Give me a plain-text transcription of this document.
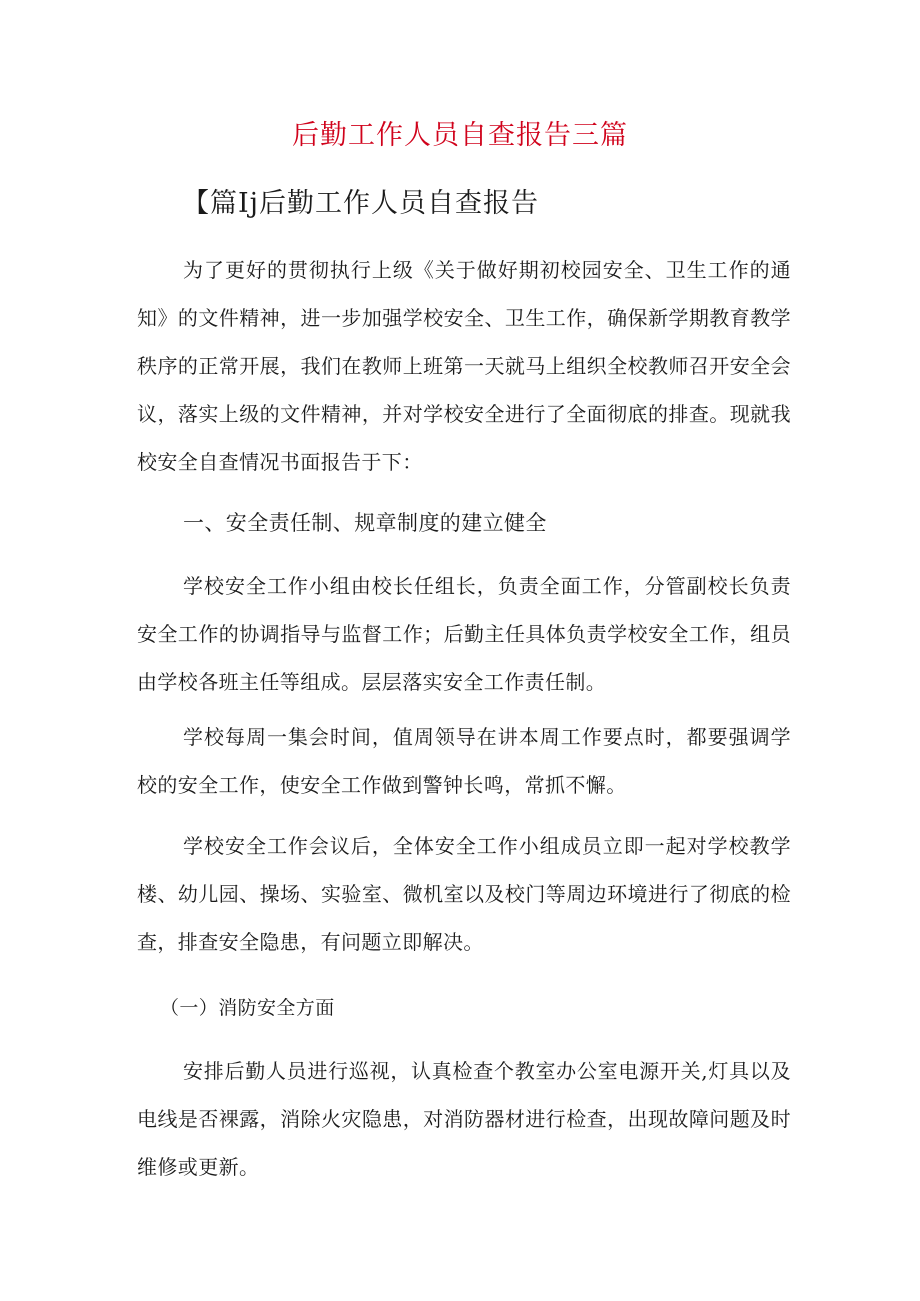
后勤工作人员自查报告三篇
【篇Ij后勤工作人员自查报告

为了更好的贯彻执行上级《关于做好期初校园安全、卫生工作的通知》的文件精神，进一步加强学校安全、卫生工作，确保新学期教育教学秩序的正常开展，我们在教师上班第一天就马上组织全校教师召开安全会议，落实上级的文件精神，并对学校安全进行了全面彻底的排查。现就我校安全自查情况书面报告于下：

一、安全责任制、规章制度的建立健全

学校安全工作小组由校长任组长，负责全面工作，分管副校长负责安全工作的协调指导与监督工作；后勤主任具体负责学校安全工作，组员由学校各班主任等组成。层层落实安全工作责任制。

学校每周一集会时间，值周领导在讲本周工作要点时，都要强调学校的安全工作，使安全工作做到警钟长鸣，常抓不懈。

学校安全工作会议后，全体安全工作小组成员立即一起对学校教学楼、幼儿园、操场、实验室、微机室以及校门等周边环境进行了彻底的检查，排查安全隐患，有问题立即解决。

（一）消防安全方面

安排后勤人员进行巡视，认真检查个教室办公室电源开关,灯具以及电线是否裸露，消除火灾隐患，对消防器材进行检查，出现故障问题及时维修或更新。
